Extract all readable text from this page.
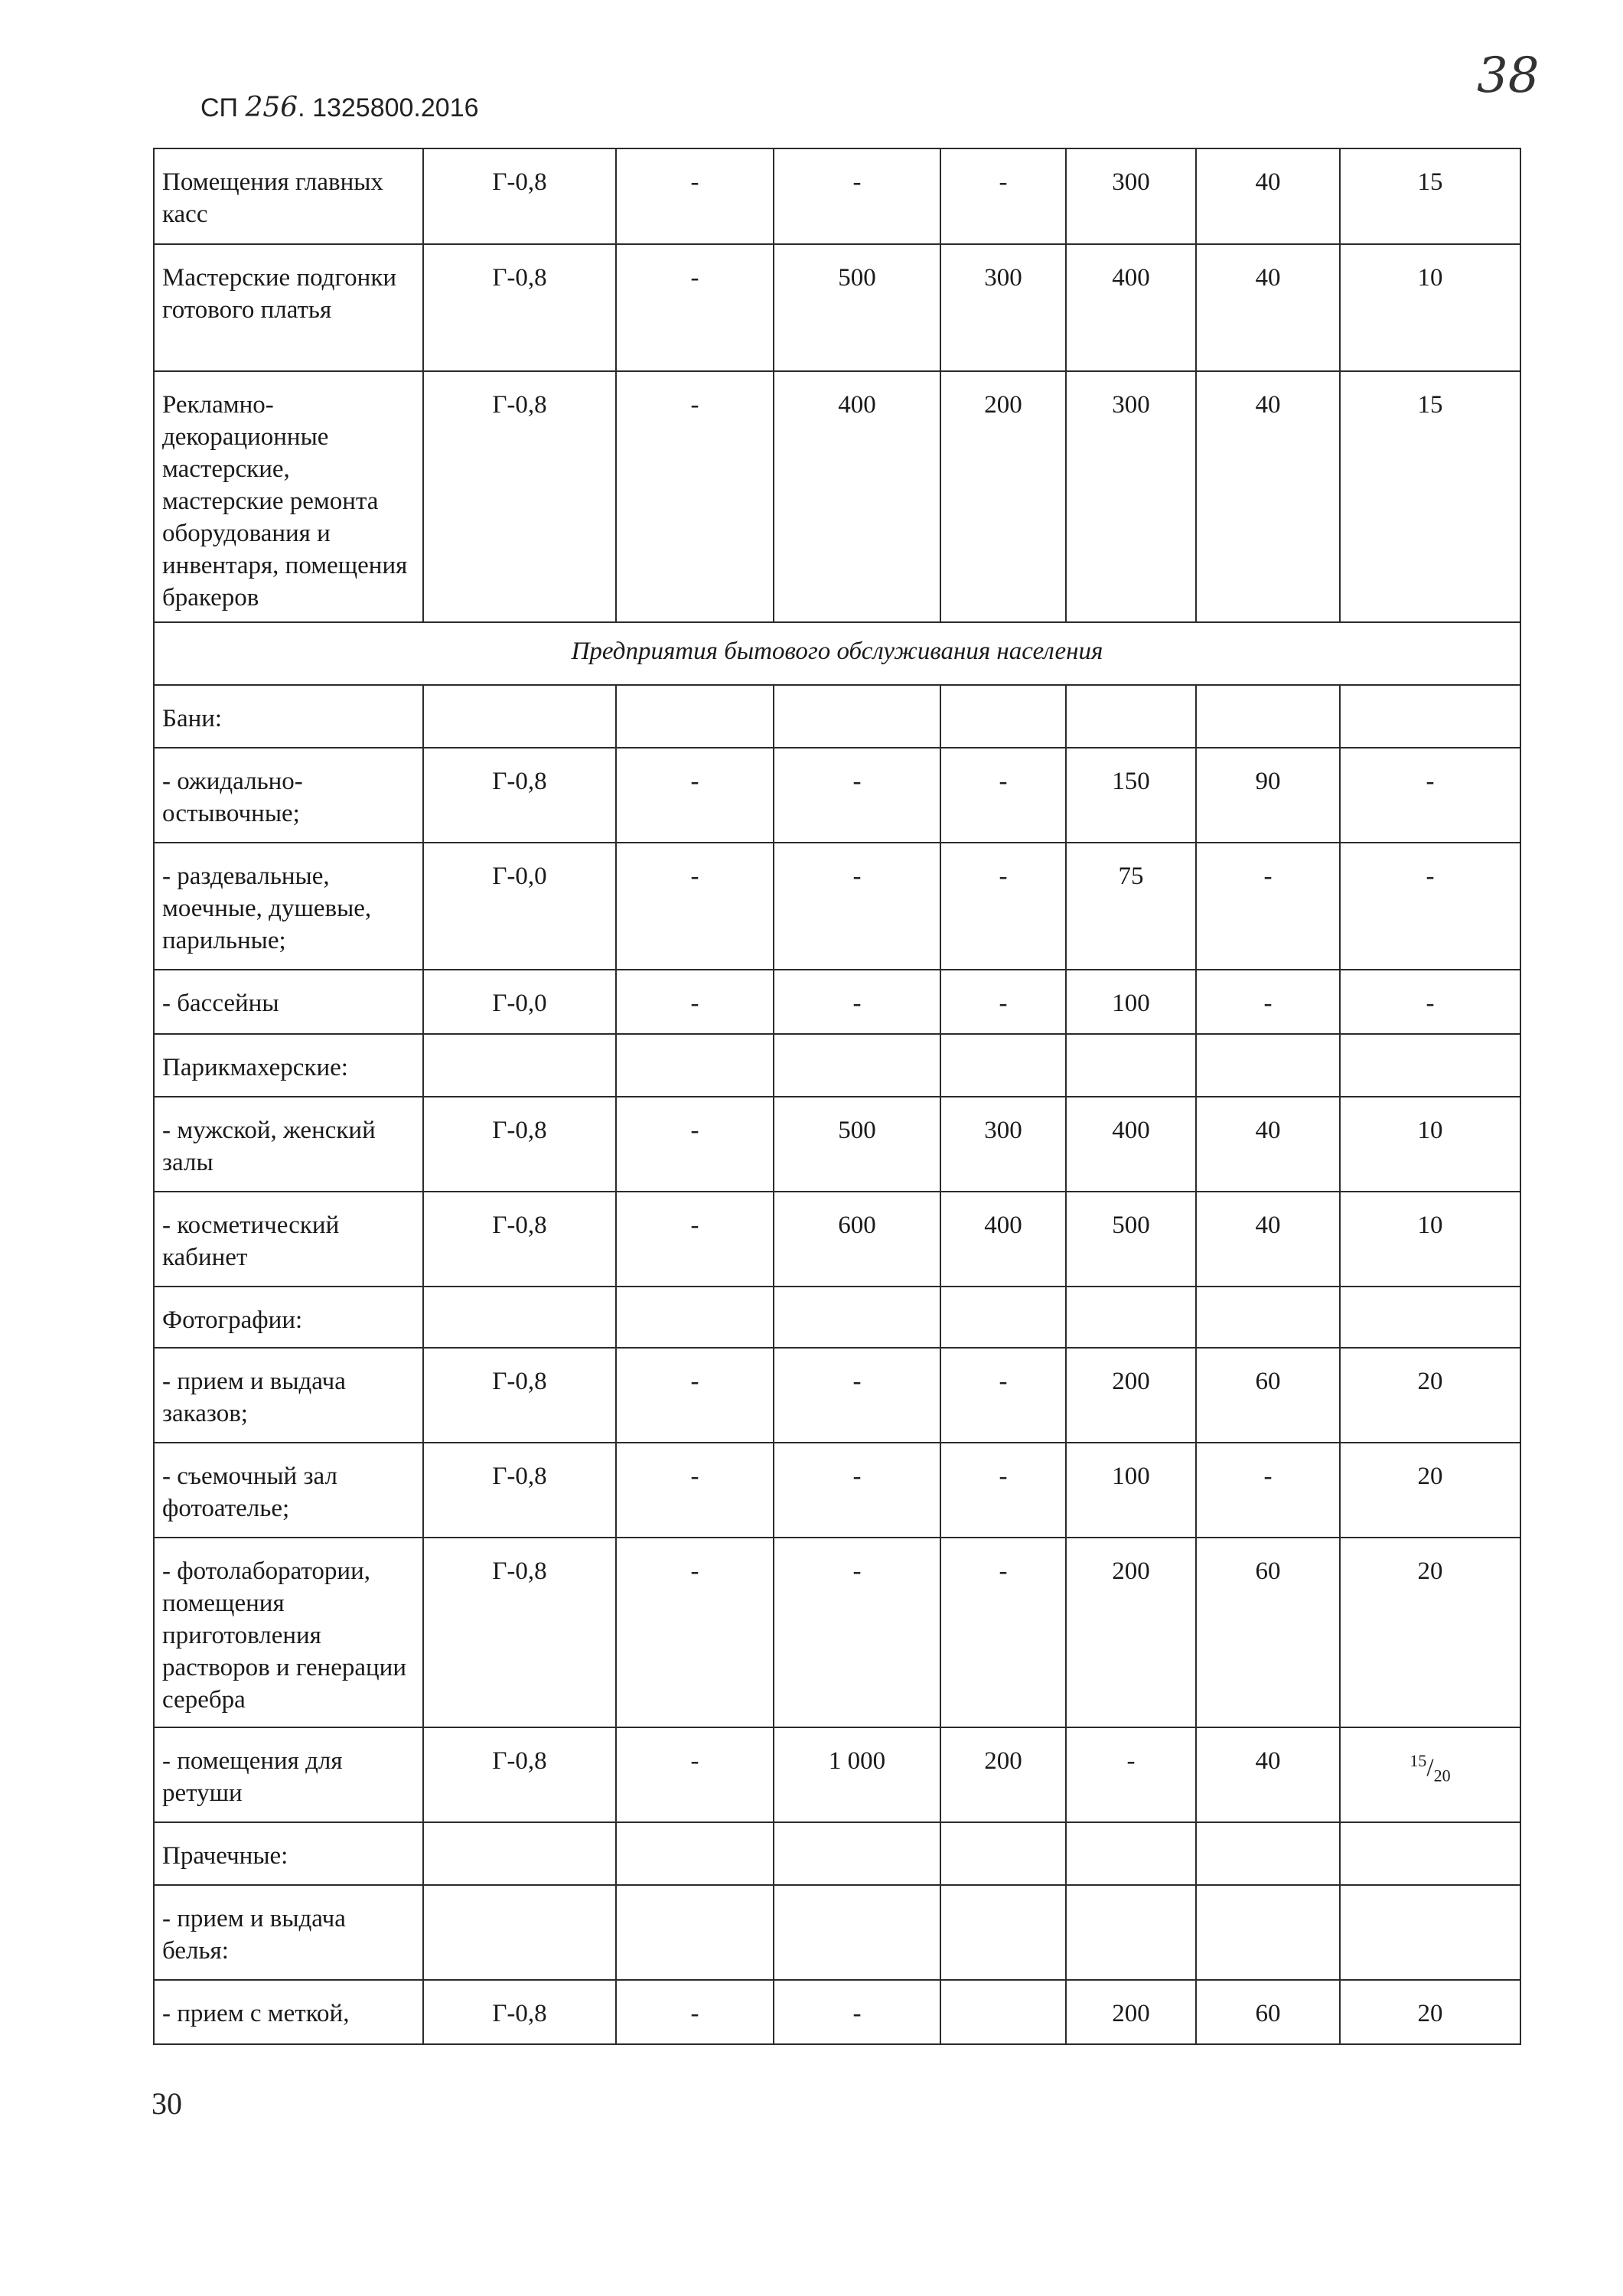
СП 256. 1325800.2016
38
Помещения главных касс	Г-0,8	-	-	-	300	40	15
Мастерские подгонки готового платья	Г-0,8	-	500	300	400	40	10
Рекламно-декорационные мастерские, мастерские ремонта оборудования и инвентаря, помещения бракеров	Г-0,8	-	400	200	300	40	15
Предприятия бытового обслуживания населения							
Бани:							
- ожидально-остывочные;	Г-0,8	-	-	-	150	90	-
- раздевальные, моечные, душевые, парильные;	Г-0,0	-	-	-	75	-	-
- бассейны	Г-0,0	-	-	-	100	-	-
Парикмахерские:							
- мужской, женский залы	Г-0,8	-	500	300	400	40	10
- косметический кабинет	Г-0,8	-	600	400	500	40	10
Фотографии:							
- прием и выдача заказов;	Г-0,8	-	-	-	200	60	20
- съемочный зал фотоателье;	Г-0,8	-	-	-	100	-	20
- фотолаборатории, помещения приготовления растворов и генерации серебра	Г-0,8	-	-	-	200	60	20
- помещения для ретуши	Г-0,8	-	1 000	200	-	40	$^{15}/_{20}$
Прачечные:							
- прием и выдача белья:							
- прием с меткой,	Г-0,8	-	-		200	60	20
30
